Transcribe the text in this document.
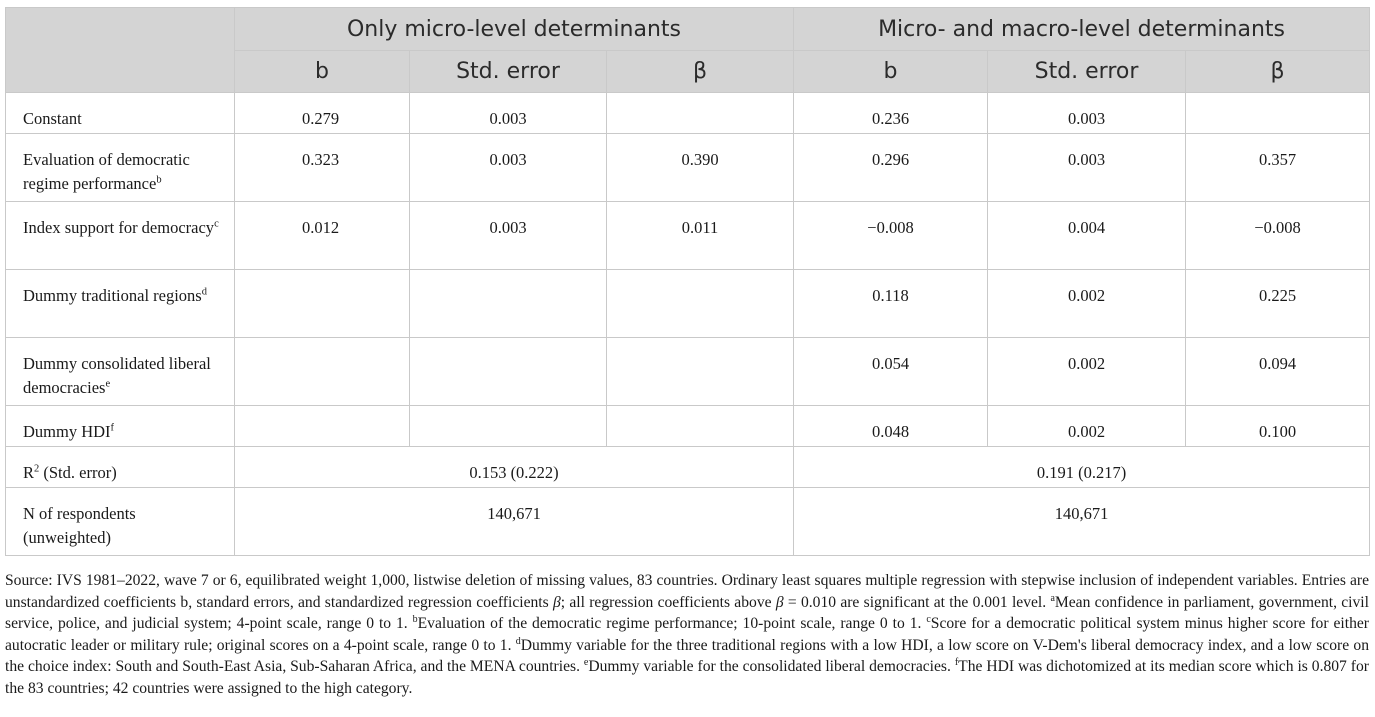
	Only micro-level determinants			Micro- and macro-level determinants		
	b	Std. error	β	b	Std. error	β
Constant	0.279	0.003		0.236	0.003	
Evaluation of democratic regime performance$^b$	0.323	0.003	0.390	0.296	0.003	0.357
Index support for democracy$^c$	0.012	0.003	0.011	−0.008	0.004	−0.008
Dummy traditional regions$^d$				0.118	0.002	0.225
Dummy consolidated liberal democracies$^e$				0.054	0.002	0.094
Dummy HDI$^f$				0.048	0.002	0.100
$R^2$ (Std. error)	0.153 (0.222)			0.191 (0.217)		
N of respondents (unweighted)	140,671			140,671		
Source: IVS 1981–2022, wave 7 or 6, equilibrated weight 1,000, listwise deletion of missing values, 83 countries. Ordinary least squares multiple regression with stepwise inclusion of independent variables. Entries are unstandardized coefficients b, standard errors, and standardized regression coefficients β; all regression coefficients above β = 0.010 are significant at the 0.001 level. $^a$Mean confidence in parliament, government, civil service, police, and judicial system; 4-point scale, range 0 to 1. $^b$Evaluation of the democratic regime performance; 10-point scale, range 0 to 1. $^c$Score for a democratic political system minus higher score for either autocratic leader or military rule; original scores on a 4-point scale, range 0 to 1. $^d$Dummy variable for the three traditional regions with a low HDI, a low score on V-Dem's liberal democracy index, and a low score on the choice index: South and South-East Asia, Sub-Saharan Africa, and the MENA countries. $^e$Dummy variable for the consolidated liberal democracies. $^f$The HDI was dichotomized at its median score which is 0.807 for the 83 countries; 42 countries were assigned to the high category.
